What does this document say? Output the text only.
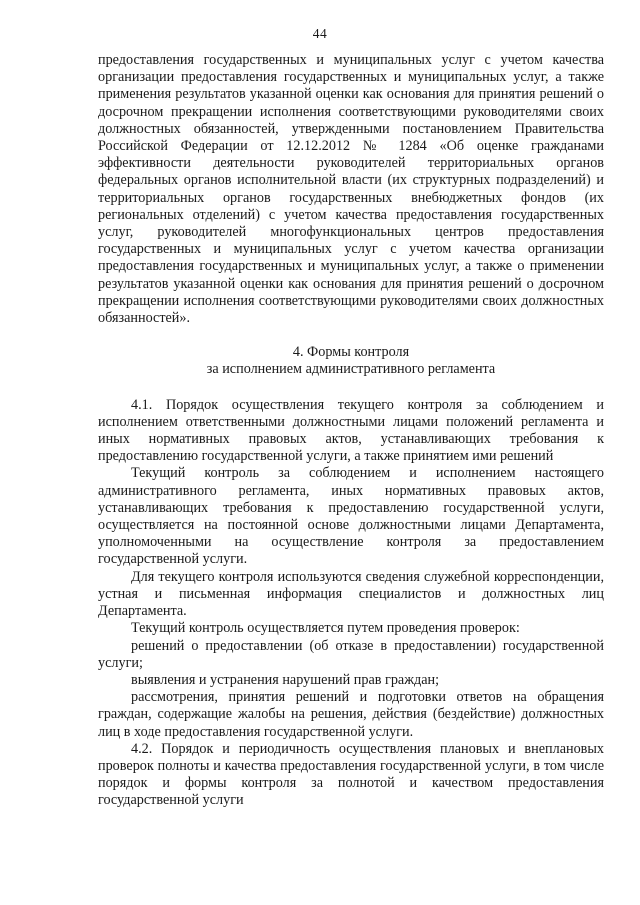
44

предоставления государственных и муниципальных услуг с учетом качества организации предоставления государственных и муниципальных услуг, а также применения результатов указанной оценки как основания для принятия решений о досрочном прекращении исполнения соответствующими руководителями своих должностных обязанностей, утвержденными постановлением Правительства Российской Федерации от 12.12.2012 № 1284 «Об оценке гражданами эффективности деятельности руководителей территориальных органов федеральных органов исполнительной власти (их структурных подразделений) и территориальных органов государственных внебюджетных фондов (их региональных отделений) с учетом качества предоставления государственных услуг, руководителей многофункциональных центров предоставления государственных и муниципальных услуг с учетом качества организации предоставления государственных и муниципальных услуг, а также о применении результатов указанной оценки как основания для принятия решений о досрочном прекращении исполнения соответствующими руководителями своих должностных обязанностей».

4. Формы контроля

за исполнением административного регламента

4.1. Порядок осуществления текущего контроля за соблюдением и исполнением ответственными должностными лицами положений регламента и иных нормативных правовых актов, устанавливающих требования к предоставлению государственной услуги, а также принятием ими решений

Текущий контроль за соблюдением и исполнением настоящего административного регламента, иных нормативных правовых актов, устанавливающих требования к предоставлению государственной услуги, осуществляется на постоянной основе должностными лицами Департамента, уполномоченными на осуществление контроля за предоставлением государственной услуги.

Для текущего контроля используются сведения служебной корреспонденции, устная и письменная информация специалистов и должностных лиц Департамента.

Текущий контроль осуществляется путем проведения проверок:

решений о предоставлении (об отказе в предоставлении) государственной услуги;

выявления и устранения нарушений прав граждан;

рассмотрения, принятия решений и подготовки ответов на обращения граждан, содержащие жалобы на решения, действия (бездействие) должностных лиц в ходе предоставления государственной услуги.

4.2. Порядок и периодичность осуществления плановых и внеплановых проверок полноты и качества предоставления государственной услуги, в том числе порядок и формы контроля за полнотой и качеством предоставления государственной услуги
